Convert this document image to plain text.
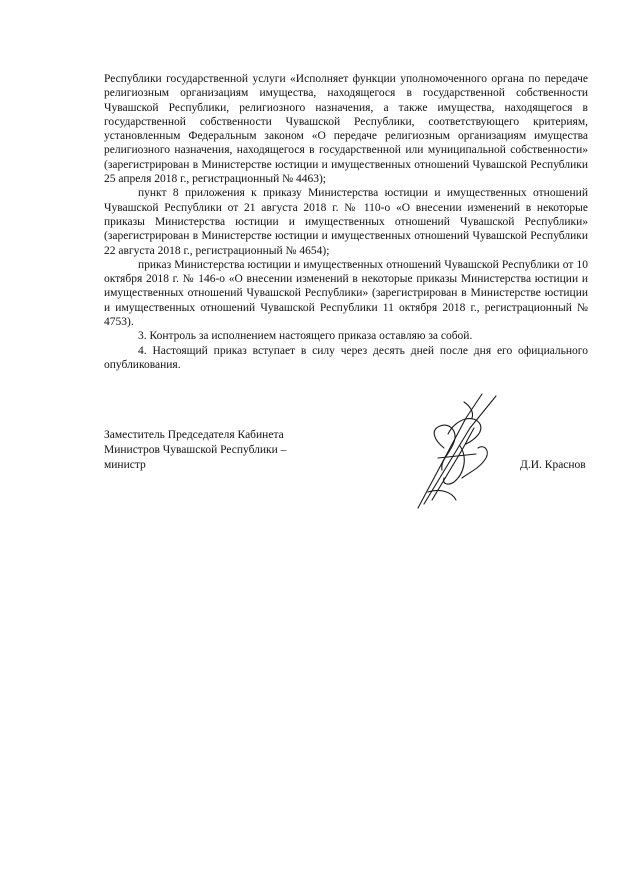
Республики государственной услуги «Исполняет функции уполномоченного органа по передаче религиозным организациям имущества, находящегося в государственной собственности Чувашской Республики, религиозного назначения, а также имущества, находящегося в государственной собственности Чувашской Республики, соответствующего критериям, установленным Федеральным законом «О передаче религиозным организациям имущества религиозного назначения, находящегося в государственной или муниципальной собственности» (зарегистрирован в Министерстве юстиции и имущественных отношений Чувашской Республики 25 апреля 2018 г., регистрационный № 4463);

пункт 8 приложения к приказу Министерства юстиции и имущественных отношений Чувашской Республики от 21 августа 2018 г. № 110-о «О внесении изменений в некоторые приказы Министерства юстиции и имущественных отношений Чувашской Республики» (зарегистрирован в Министерстве юстиции и имущественных отношений Чувашской Республики 22 августа 2018 г., регистрационный № 4654);

приказ Министерства юстиции и имущественных отношений Чувашской Республики от 10 октября 2018 г. № 146-о «О внесении изменений в некоторые приказы Министерства юстиции и имущественных отношений Чувашской Республики» (зарегистрирован в Министерстве юстиции и имущественных отношений Чувашской Республики 11 октября 2018 г., регистрационный № 4753).

3. Контроль за исполнением настоящего приказа оставляю за собой.

4. Настоящий приказ вступает в силу через десять дней после дня его официального опубликования.

Заместитель Председателя Кабинета
Министров Чувашской Республики –
министр	Д.И. Краснов
